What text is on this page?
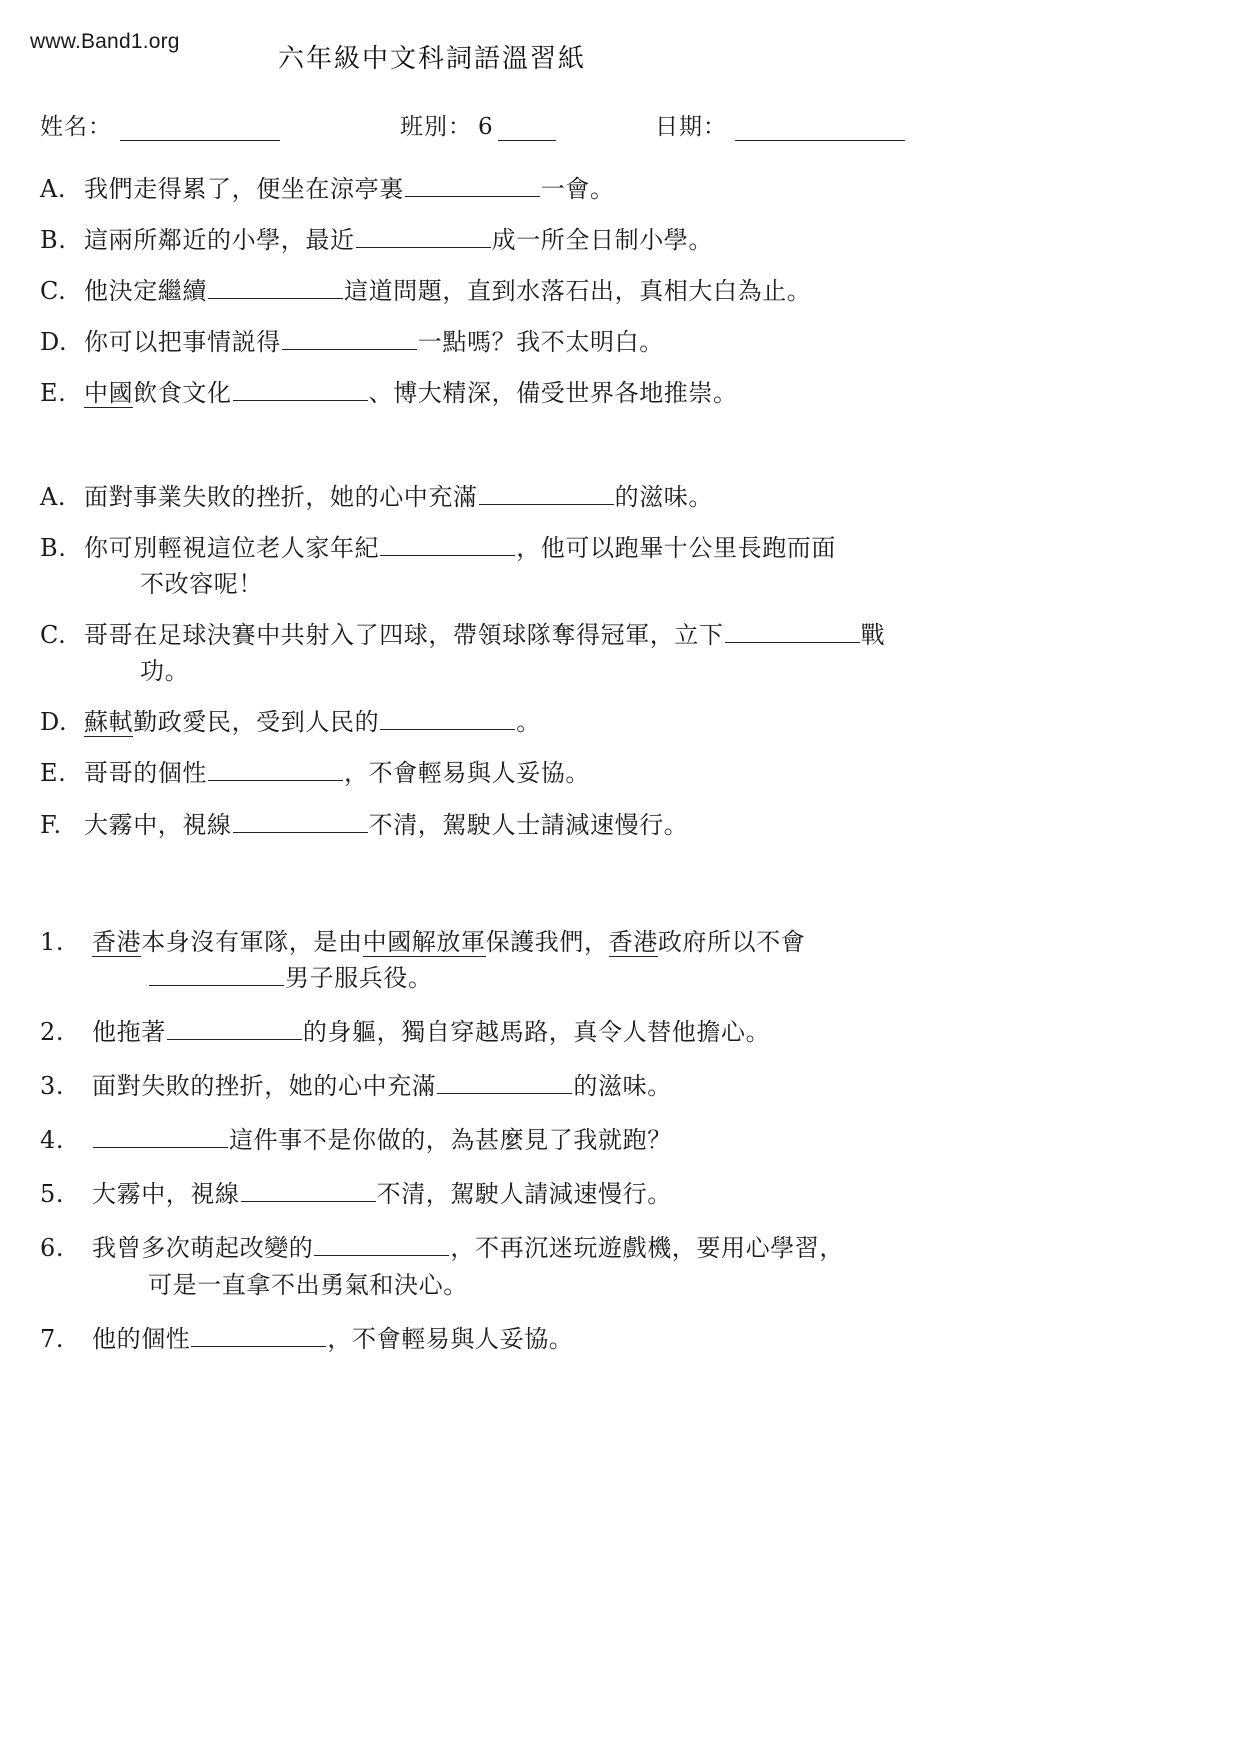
www.Band1.org
六年級中文科詞語溫習紙
姓名：	班別： 6	日期：
A. 我們走得累了，便坐在涼亭裏	一會。
B. 這兩所鄰近的小學，最近	成一所全日制小學。
C. 他決定繼續	這道問題，直到水落石出，真相大白為止。
D. 你可以把事情説得	一點嗎？我不太明白。
E. 中國飲食文化	、博大精深，備受世界各地推崇。
A. 面對事業失敗的挫折，她的心中充滿	的滋味。
B. 你可別輕視這位老人家年紀	，他可以跑畢十公里長跑而面
不改容呢！
C. 哥哥在足球決賽中共射入了四球，帶領球隊奪得冠軍，立下	戰
功。
D. 蘇軾勤政愛民，受到人民的	。
E. 哥哥的個性	，不會輕易與人妥協。
F. 大霧中，視線	不清，駕駛人士請減速慢行。
1.	香港本身沒有軍隊，是由中國解放軍保護我們，香港政府所以不會
男子服兵役。
2.	他拖著	的身軀，獨自穿越馬路，真令人替他擔心。
3.	面對失敗的挫折，她的心中充滿	的滋味。
4.	這件事不是你做的，為甚麼見了我就跑？
5.	大霧中，視線	不清，駕駛人請減速慢行。
6.	我曾多次萌起改變的	，不再沉迷玩遊戲機，要用心學習，
可是一直拿不出勇氣和決心。
7.	他的個性	，不會輕易與人妥協。
